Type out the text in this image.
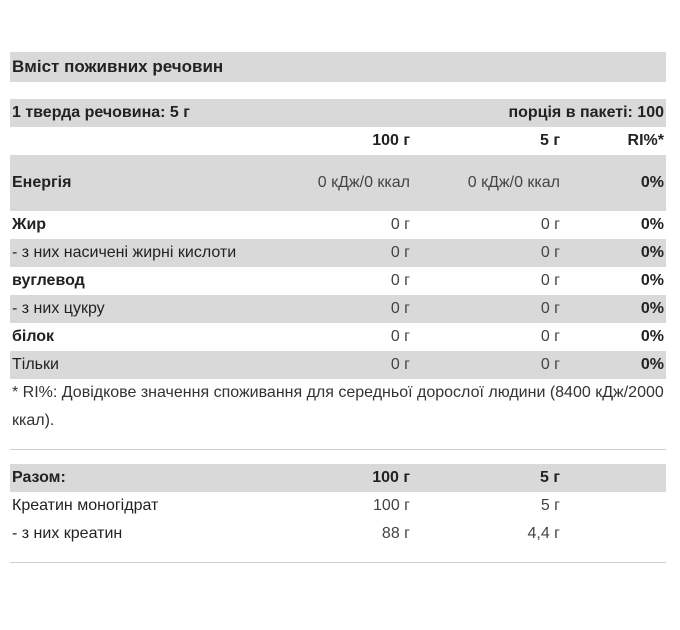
Вміст поживних речовин
1 тверда речовина: 5 г		порція в пакеті: 100	
	100 г	5 г	RI%*
Енергія	0 кДж/0 ккал	0 кДж/0 ккал	0%
Жир	0 г	0 г	0%
- з них насичені жирні кислоти	0 г	0 г	0%
вуглевод	0 г	0 г	0%
- з них цукру	0 г	0 г	0%
білок	0 г	0 г	0%
Тільки	0 г	0 г	0%
* RI%: Довідкове значення споживання для середньої дорослої людини (8400 кДж/2000 ккал).
Разом:	100 г	5 г	
Креатин моногідрат	100 г	5 г	
- з них креатин	88 г	4,4 г	
